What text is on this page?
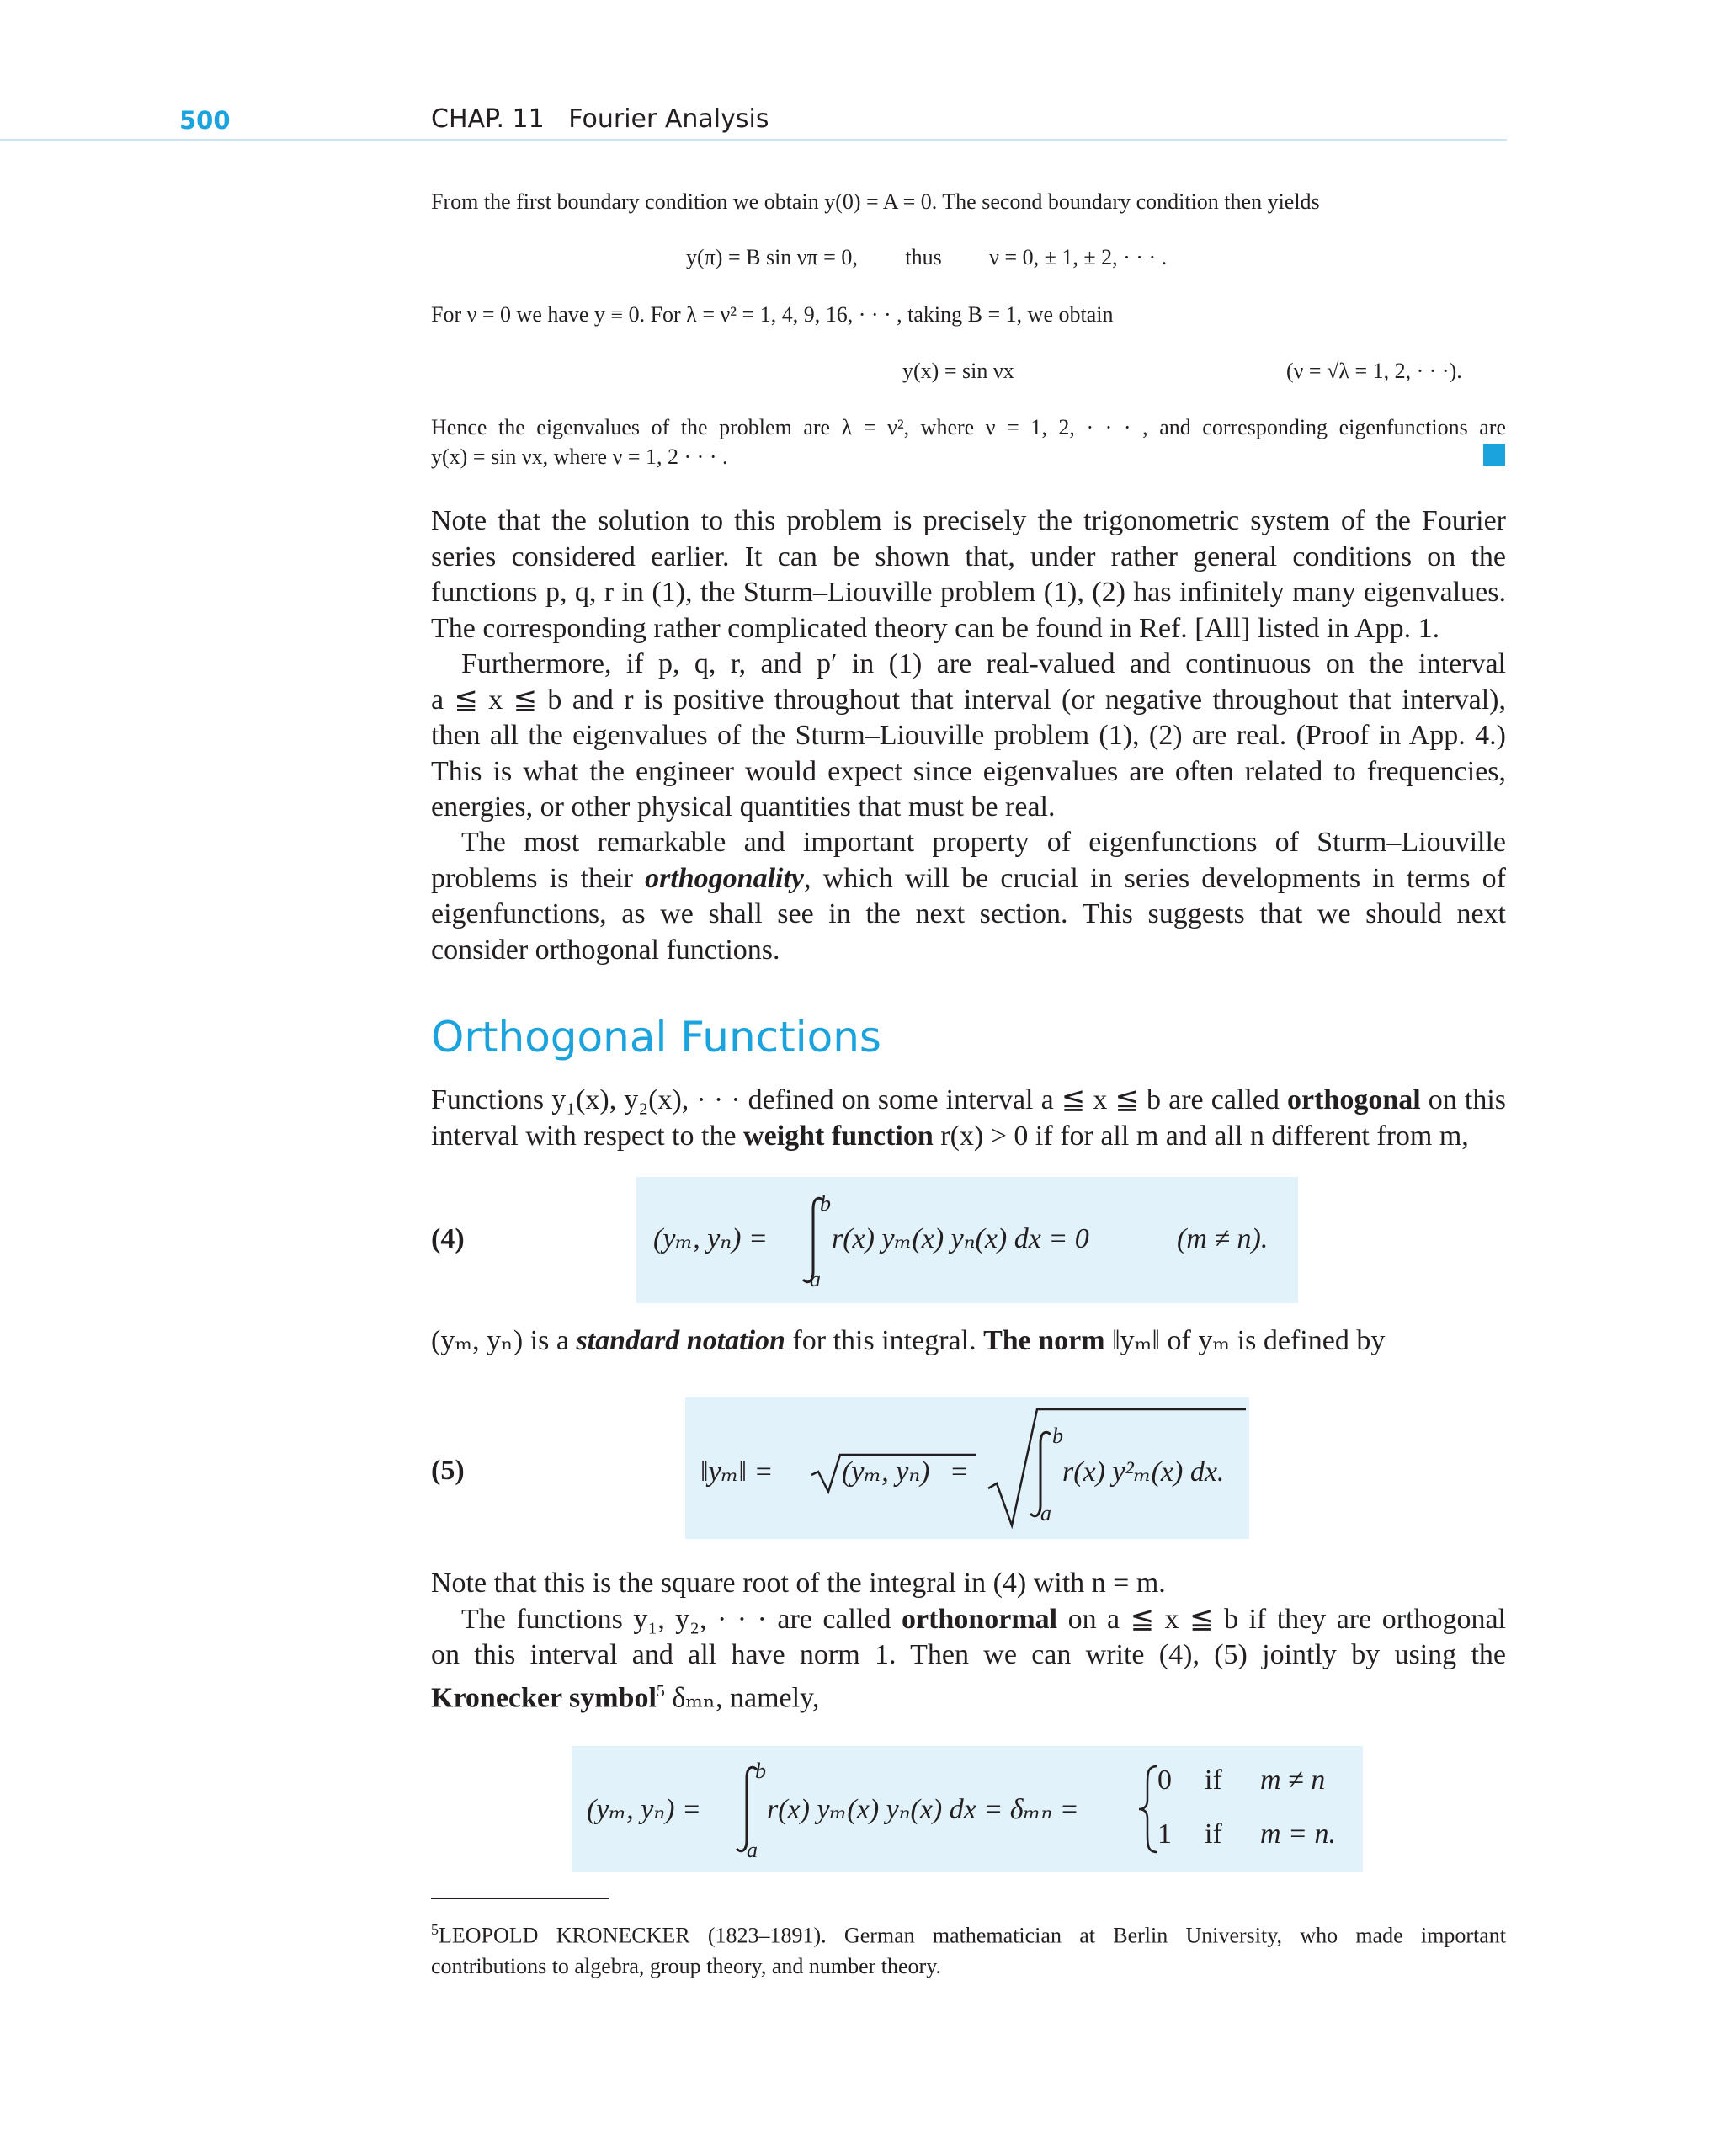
500	CHAP. 11   Fourier Analysis
From the first boundary condition we obtain y(0) = A = 0. The second boundary condition then yields
y(π) = B sin νπ = 0, thus ν = 0, ± 1, ± 2, · · · .
For ν = 0 we have y ≡ 0. For λ = ν² = 1, 4, 9, 16, · · · , taking B = 1, we obtain
y(x) = sin νx	(ν = √λ = 1, 2, · · ·).
Hence the eigenvalues of the problem are λ = ν², where ν = 1, 2, · · · , and corresponding eigenfunctions are
y(x) = sin νx, where ν = 1, 2 · · · .
Note that the solution to this problem is precisely the trigonometric system of the Fourier
series considered earlier. It can be shown that, under rather general conditions on the
functions p, q, r in (1), the Sturm–Liouville problem (1), (2) has infinitely many eigenvalues.
The corresponding rather complicated theory can be found in Ref. [All] listed in App. 1.
Furthermore, if p, q, r, and p′ in (1) are real-valued and continuous on the interval
a ≦ x ≦ b and r is positive throughout that interval (or negative throughout that interval),
then all the eigenvalues of the Sturm–Liouville problem (1), (2) are real. (Proof in App. 4.)
This is what the engineer would expect since eigenvalues are often related to frequencies,
energies, or other physical quantities that must be real.
The most remarkable and important property of eigenfunctions of Sturm–Liouville
problems is their orthogonality, which will be crucial in series developments in terms of
eigenfunctions, as we shall see in the next section. This suggests that we should next
consider orthogonal functions.
Orthogonal Functions
Functions y₁(x), y₂(x), · · · defined on some interval a ≦ x ≦ b are called orthogonal on this
interval with respect to the weight function r(x) > 0 if for all m and all n different from m,
(4)	(yₘ, yₙ) =
b
a
r(x) yₘ(x) yₙ(x) dx = 0	(m ≠ n).
(yₘ, yₙ) is a standard notation for this integral. The norm ‖yₘ‖ of yₘ is defined by
(5)	‖yₘ‖ = (yₘ, yₙ) =
b
a
r(x) y²ₘ(x) dx.
Note that this is the square root of the integral in (4) with n = m.
The functions y₁, y₂, · · · are called orthonormal on a ≦ x ≦ b if they are orthogonal
on this interval and all have norm 1. Then we can write (4), (5) jointly by using the
Kronecker symbol$^5$ δₘₙ, namely,
(yₘ, yₙ) =
b
a
r(x) yₘ(x) yₙ(x) dx = δₘₙ =
0 if m ≠ n
1 if m = n.
$^5$LEOPOLD KRONECKER (1823–1891). German mathematician at Berlin University, who made important
contributions to algebra, group theory, and number theory.
